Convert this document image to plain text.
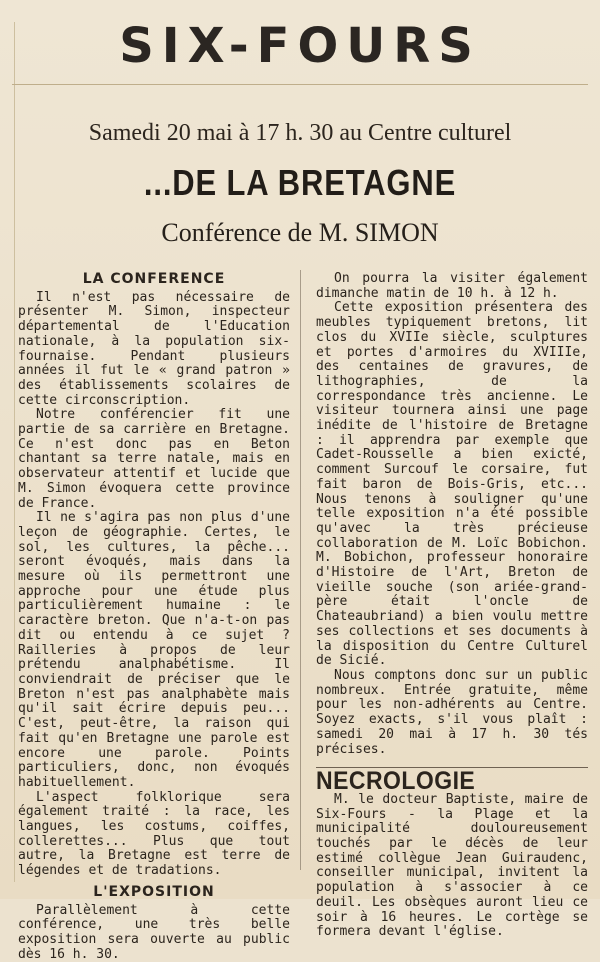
SIX-FOURS
Samedi 20 mai à 17 h. 30 au Centre culturel
...DE LA BRETAGNE
Conférence de M. SIMON
LA CONFERENCE

Il n'est pas nécessaire de présenter M. Simon, inspecteur départemental de l'Education nationale, à la population six-fournaise. Pendant plusieurs années il fut le « grand patron » des établissements scolaires de cette circonscription.

Notre conférencier fit une partie de sa carrière en Bretagne. Ce n'est donc pas en Beton chantant sa terre natale, mais en observateur attentif et lucide que M. Simon évoquera cette province de France.

Il ne s'agira pas non plus d'une leçon de géographie. Certes, le sol, les cultures, la pêche... seront évoqués, mais dans la mesure où ils permettront une approche pour une étude plus particulièrement humaine : le caractère breton. Que n'a-t-on pas dit ou entendu à ce sujet ? Railleries à propos de leur prétendu analphabétisme. Il conviendrait de préciser que le Breton n'est pas analphabète mais qu'il sait écrire depuis peu... C'est, peut-être, la raison qui fait qu'en Bretagne une parole est encore une parole. Points particuliers, donc, non évoqués habituellement.

L'aspect folklorique sera également traité : la race, les langues, les costums, coiffes, collerettes... Plus que tout autre, la Bretagne est terre de légendes et de tradations.

L'EXPOSITION

Parallèlement à cette conférence, une très belle exposition sera ouverte au public dès 16 h. 30.

On pourra la visiter également dimanche matin de 10 h. à 12 h.

Cette exposition présentera des meubles typiquement bretons, lit clos du XVIIe siècle, sculptures et portes d'armoires du XVIIIe, des centaines de gravures, de lithographies, de la correspondance très ancienne. Le visiteur tournera ainsi une page inédite de l'histoire de Bretagne : il apprendra par exemple que Cadet-Rousselle a bien exicté, comment Surcouf le corsaire, fut fait baron de Bois-Gris, etc... Nous tenons à souligner qu'une telle exposition n'a été possible qu'avec la très précieuse collaboration de M. Loïc Bobichon. M. Bobichon, professeur honoraire d'Histoire de l'Art, Breton de vieille souche (son ariée-grand-père était l'oncle de Chateaubriand) a bien voulu mettre ses collections et ses documents à la disposition du Centre Culturel de Sicié.

Nous comptons donc sur un public nombreux. Entrée gratuite, même pour les non-adhérents au Centre. Soyez exacts, s'il vous plaît : samedi 20 mai à 17 h. 30 tés précises.

NECROLOGIE

M. le docteur Baptiste, maire de Six-Fours - la Plage et la municipalité douloureusement touchés par le décès de leur estimé collègue Jean Guiraudenc, conseiller municipal, invitent la population à s'associer à ce deuil. Les obsèques auront lieu ce soir à 16 heures. Le cortège se formera devant l'église.
